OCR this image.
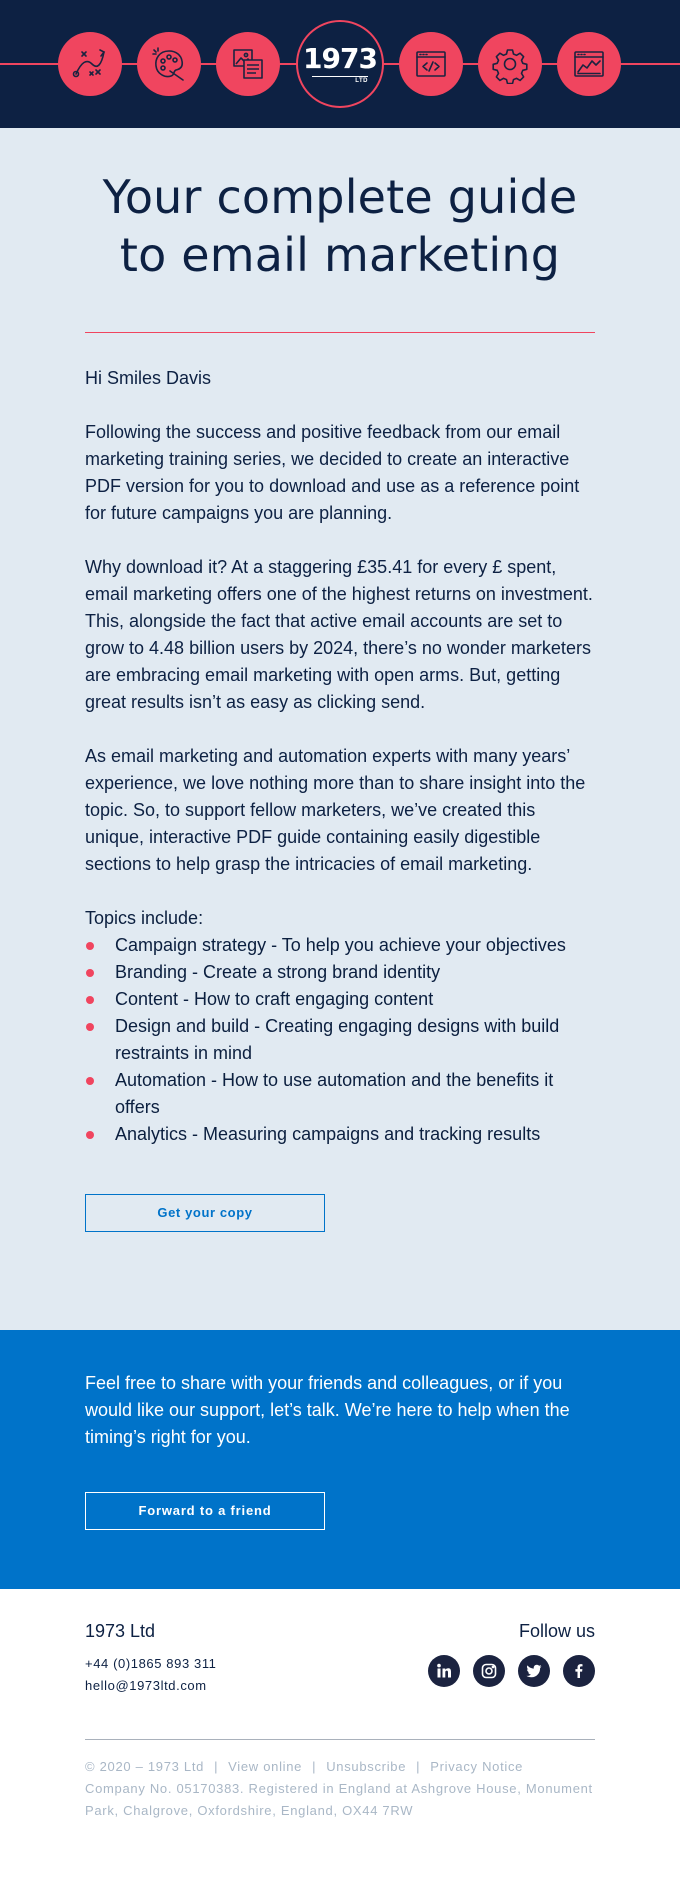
1973
LTD
Your complete guide to email marketing

Hi Smiles Davis

Following the success and positive feedback from our email marketing training series, we decided to create an interactive PDF version for you to download and use as a reference point for future campaigns you are planning.

Why download it? At a staggering £35.41 for every £ spent, email marketing offers one of the highest returns on investment. This, alongside the fact that active email accounts are set to grow to 4.48 billion users by 2024, there’s no wonder marketers are embracing email marketing with open arms. But, getting great results isn’t as easy as clicking send.

As email marketing and automation experts with many years’ experience, we love nothing more than to share insight into the topic. So, to support fellow marketers, we’ve created this unique, interactive PDF guide containing easily digestible sections to help grasp the intricacies of email marketing.

Topics include:
Campaign strategy - To help you achieve your objectives
Branding - Create a strong brand identity
Content - How to craft engaging content
Design and build - Creating engaging designs with build restraints in mind
Automation - How to use automation and the benefits it offers
Analytics - Measuring campaigns and tracking results
Get your copy

Feel free to share with your friends and colleagues, or if you would like our support, let’s talk. We’re here to help when the timing’s right for you.

Forward to a friend
1973 Ltd
+44 (0)1865 893 311
hello@1973ltd.com
Follow us
© 2020 – 1973 Ltd | View online | Unsubscribe | Privacy Notice
Company No. 05170383. Registered in England at Ashgrove House, Monument Park, Chalgrove, Oxfordshire, England, OX44 7RW
